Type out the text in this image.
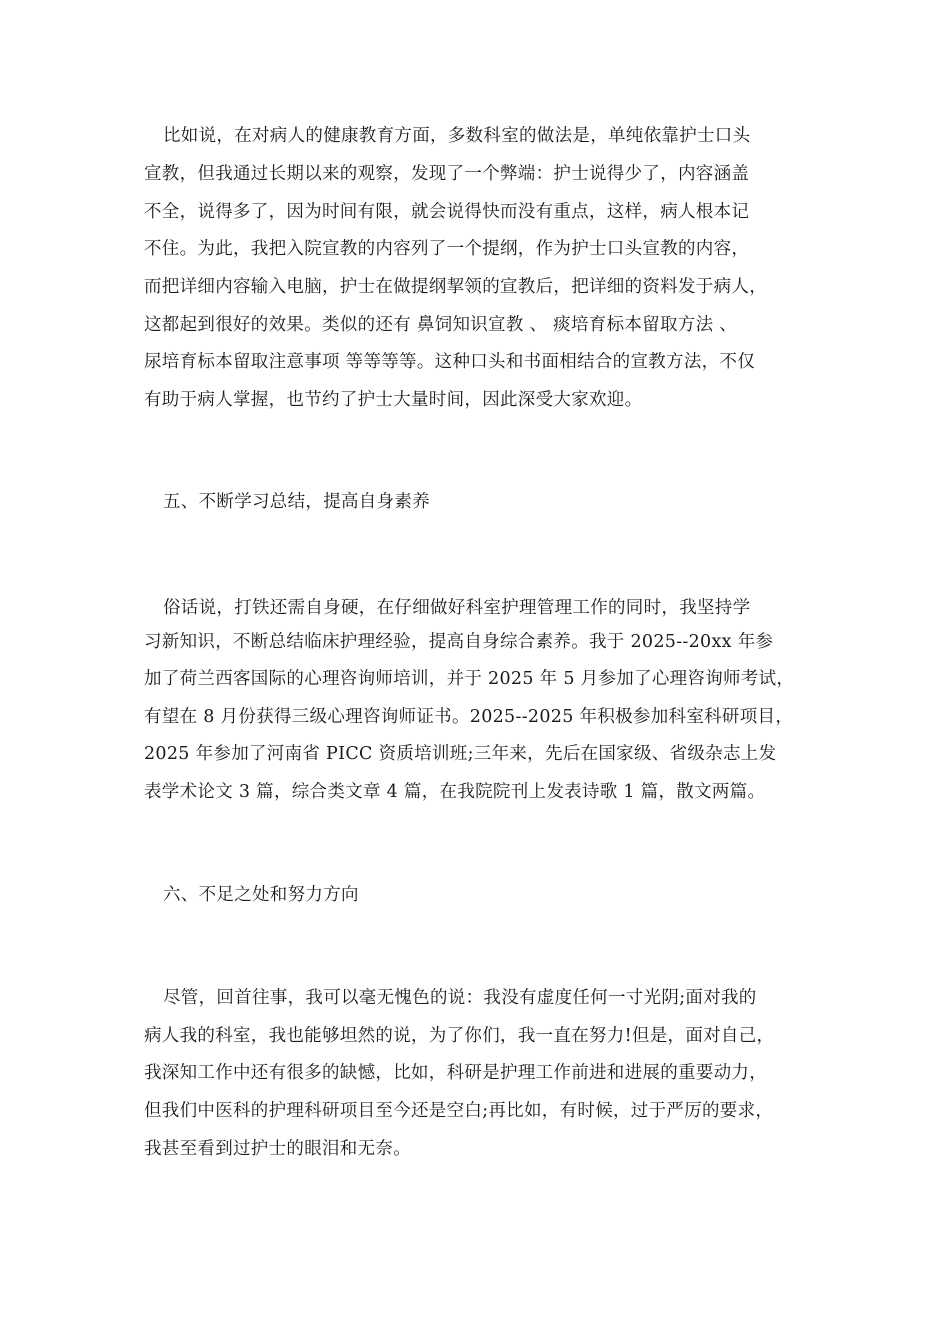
比如说，在对病人的健康教育方面，多数科室的做法是，单纯依靠护士口头
宣教，但我通过长期以来的观察，发现了一个弊端：护士说得少了，内容涵盖
不全，说得多了，因为时间有限，就会说得快而没有重点，这样，病人根本记
不住。为此，我把入院宣教的内容列了一个提纲，作为护士口头宣教的内容，
而把详细内容输入电脑，护士在做提纲挈领的宣教后，把详细的资料发于病人，
这都起到很好的效果。类似的还有 鼻饲知识宣教 、 痰培育标本留取方法 、
尿培育标本留取注意事项 等等等等。这种口头和书面相结合的宣教方法，不仅
有助于病人掌握，也节约了护士大量时间，因此深受大家欢迎。
五、不断学习总结，提高自身素养
俗话说，打铁还需自身硬，在仔细做好科室护理管理工作的同时，我坚持学
习新知识，不断总结临床护理经验，提高自身综合素养。我于 2025--20xx 年参
加了荷兰西客国际的心理咨询师培训，并于 2025 年 5 月参加了心理咨询师考试，
有望在 8 月份获得三级心理咨询师证书。2025--2025 年积极参加科室科研项目，
2025 年参加了河南省 PICC 资质培训班;三年来，先后在国家级、省级杂志上发
表学术论文 3 篇，综合类文章 4 篇，在我院院刊上发表诗歌 1 篇，散文两篇。
六、不足之处和努力方向
尽管，回首往事，我可以毫无愧色的说：我没有虚度任何一寸光阴;面对我的
病人我的科室，我也能够坦然的说，为了你们，我一直在努力!但是，面对自己，
我深知工作中还有很多的缺憾，比如，科研是护理工作前进和进展的重要动力，
但我们中医科的护理科研项目至今还是空白;再比如，有时候，过于严厉的要求，
我甚至看到过护士的眼泪和无奈。
